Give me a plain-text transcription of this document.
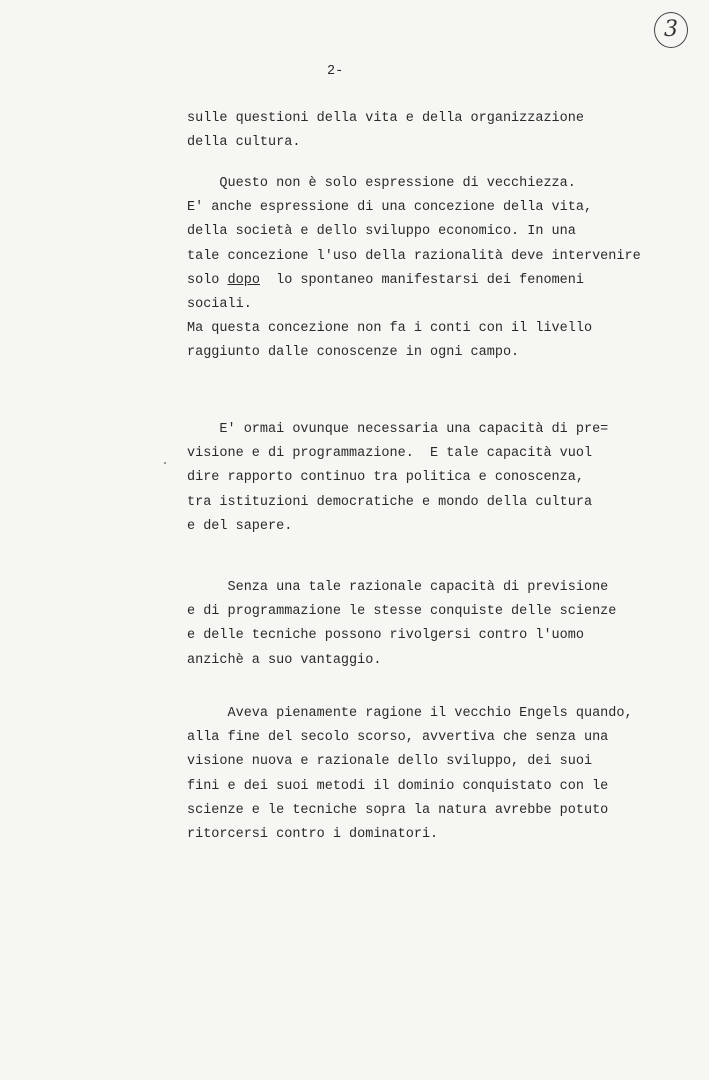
3
2-

sulle questioni della vita e della organizzazione
della cultura.

Questo non è solo espressione di vecchiezza.
E' anche espressione di una concezione della vita,
della società e dello sviluppo economico. In una
tale concezione l'uso della razionalità deve intervenire
solo dopo  lo spontaneo manifestarsi dei fenomeni
sociali.
Ma questa concezione non fa i conti con il livello
raggiunto dalle conoscenze in ogni campo.

E' ormai ovunque necessaria una capacità di pre=
visione e di programmazione.  E tale capacità vuol
dire rapporto continuo tra politica e conoscenza,
tra istituzioni democratiche e mondo della cultura
e del sapere.

Senza una tale razionale capacità di previsione
e di programmazione le stesse conquiste delle scienze
e delle tecniche possono rivolgersi contro l'uomo
anzichè a suo vantaggio.

Aveva pienamente ragione il vecchio Engels quando,
alla fine del secolo scorso, avvertiva che senza una
visione nuova e razionale dello sviluppo, dei suoi
fini e dei suoi metodi il dominio conquistato con le
scienze e le tecniche sopra la natura avrebbe potuto
ritorcersi contro i dominatori.
